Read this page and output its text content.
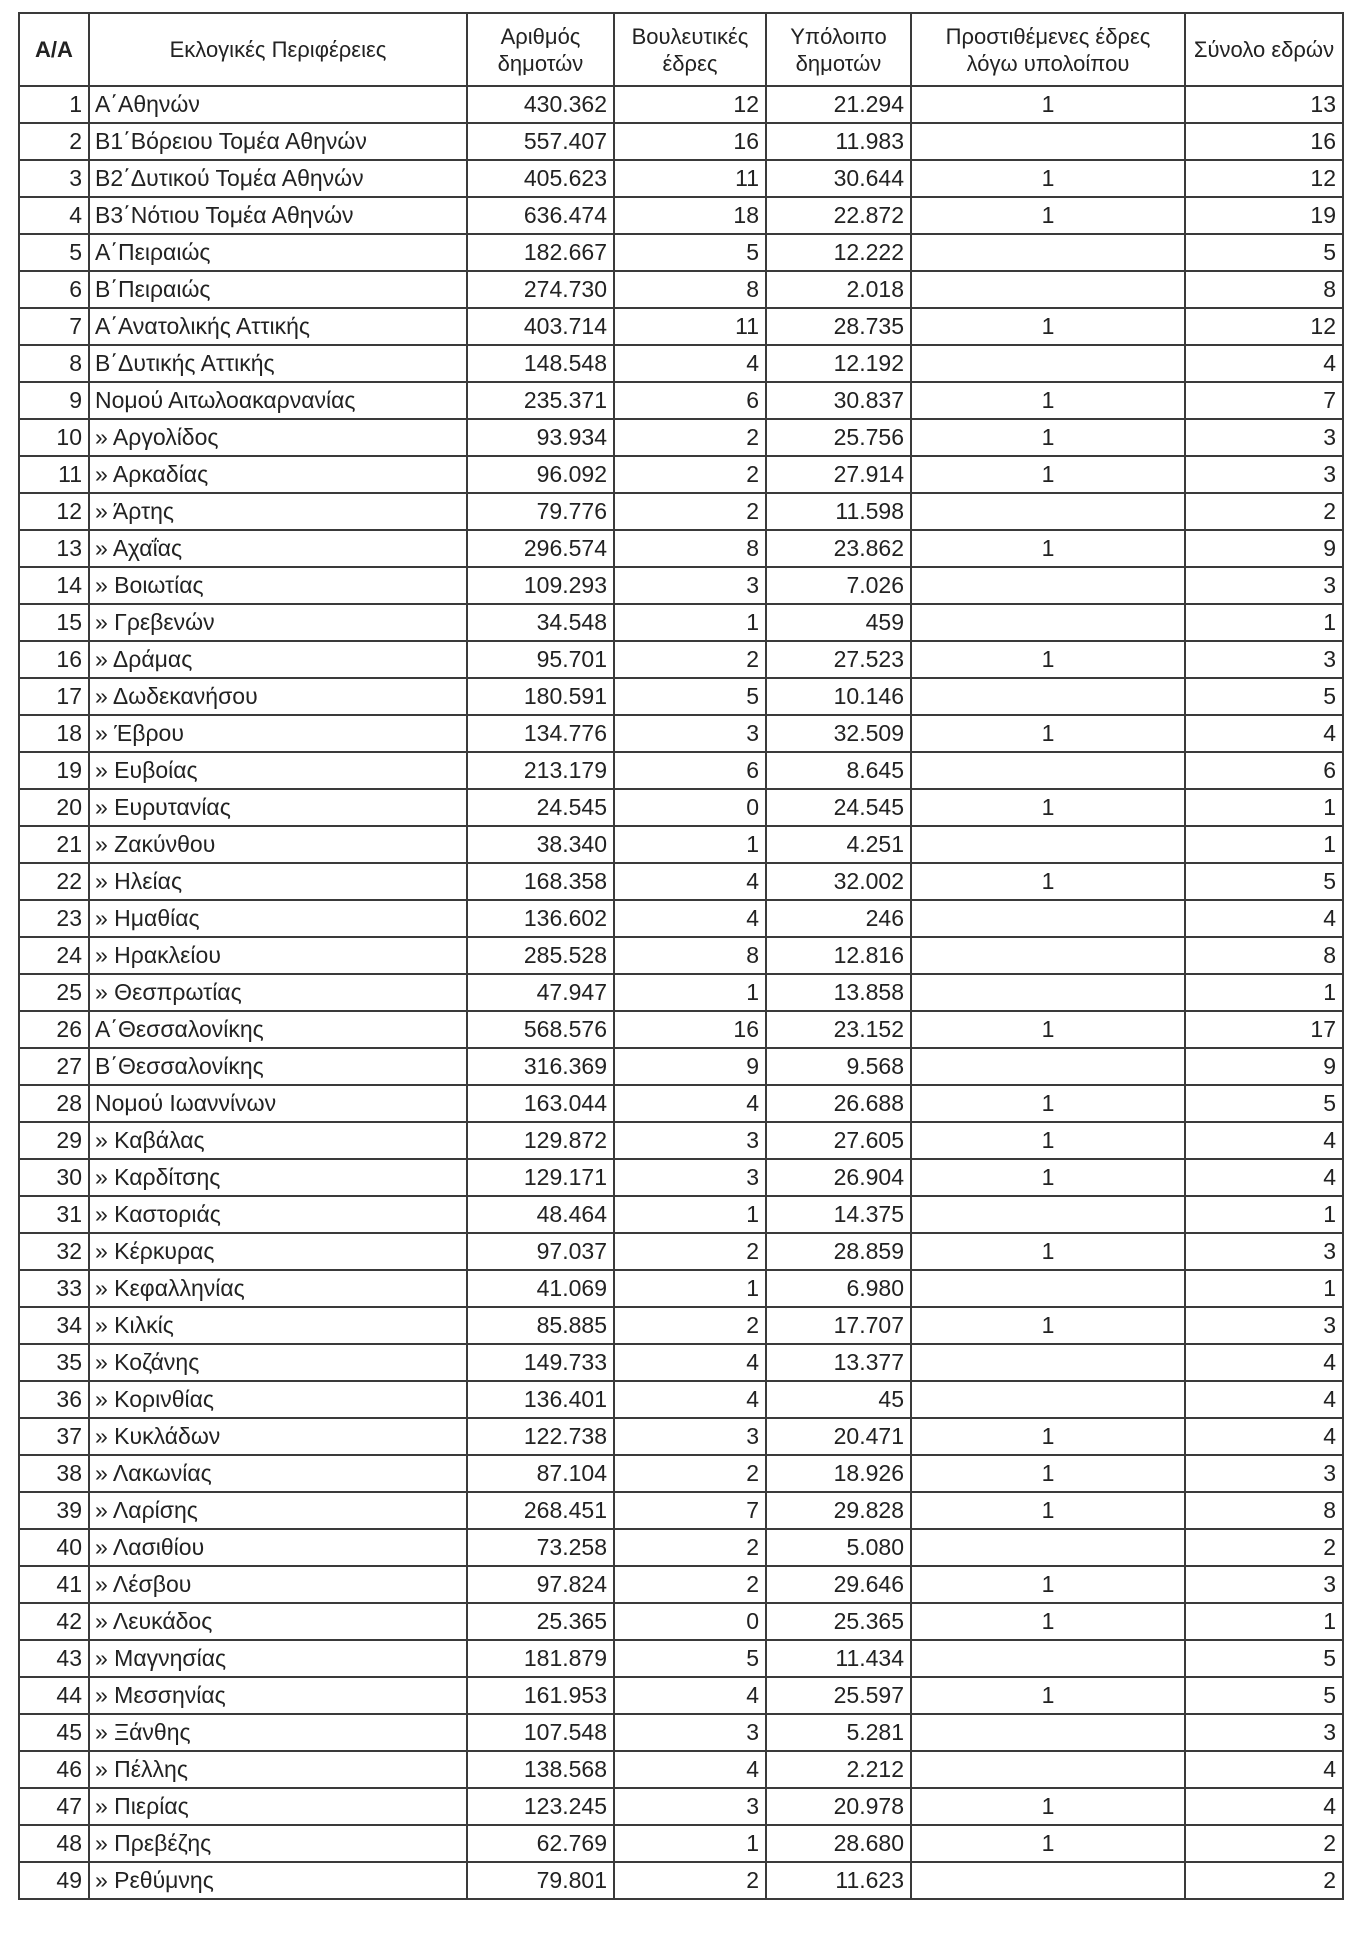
Α/Α	Εκλογικές Περιφέρειες	Αριθμός δημοτών	Βουλευτικές έδρες	Υπόλοιπο δημοτών	Προστιθέμενες έδρες λόγω υπολοίπου	Σύνολο εδρών
1	Α΄Αθηνών	430.362	12	21.294	1	13
2	Β1΄Βόρειου Τομέα Αθηνών	557.407	16	11.983		16
3	Β2΄Δυτικού Τομέα Αθηνών	405.623	11	30.644	1	12
4	Β3΄Νότιου Τομέα Αθηνών	636.474	18	22.872	1	19
5	Α΄Πειραιώς	182.667	5	12.222		5
6	Β΄Πειραιώς	274.730	8	2.018		8
7	Α΄Ανατολικής Αττικής	403.714	11	28.735	1	12
8	Β΄Δυτικής Αττικής	148.548	4	12.192		4
9	Νομού Αιτωλοακαρνανίας	235.371	6	30.837	1	7
10	» Αργολίδος	93.934	2	25.756	1	3
11	» Αρκαδίας	96.092	2	27.914	1	3
12	» Άρτης	79.776	2	11.598		2
13	» Αχαΐας	296.574	8	23.862	1	9
14	» Βοιωτίας	109.293	3	7.026		3
15	» Γρεβενών	34.548	1	459		1
16	» Δράμας	95.701	2	27.523	1	3
17	» Δωδεκανήσου	180.591	5	10.146		5
18	» Έβρου	134.776	3	32.509	1	4
19	» Ευβοίας	213.179	6	8.645		6
20	» Ευρυτανίας	24.545	0	24.545	1	1
21	» Ζακύνθου	38.340	1	4.251		1
22	» Ηλείας	168.358	4	32.002	1	5
23	» Ημαθίας	136.602	4	246		4
24	» Ηρακλείου	285.528	8	12.816		8
25	» Θεσπρωτίας	47.947	1	13.858		1
26	Α΄Θεσσαλονίκης	568.576	16	23.152	1	17
27	Β΄Θεσσαλονίκης	316.369	9	9.568		9
28	Νομού Ιωαννίνων	163.044	4	26.688	1	5
29	» Καβάλας	129.872	3	27.605	1	4
30	» Καρδίτσης	129.171	3	26.904	1	4
31	» Καστοριάς	48.464	1	14.375		1
32	» Κέρκυρας	97.037	2	28.859	1	3
33	» Κεφαλληνίας	41.069	1	6.980		1
34	» Κιλκίς	85.885	2	17.707	1	3
35	» Κοζάνης	149.733	4	13.377		4
36	» Κορινθίας	136.401	4	45		4
37	» Κυκλάδων	122.738	3	20.471	1	4
38	» Λακωνίας	87.104	2	18.926	1	3
39	» Λαρίσης	268.451	7	29.828	1	8
40	» Λασιθίου	73.258	2	5.080		2
41	» Λέσβου	97.824	2	29.646	1	3
42	» Λευκάδος	25.365	0	25.365	1	1
43	» Μαγνησίας	181.879	5	11.434		5
44	» Μεσσηνίας	161.953	4	25.597	1	5
45	» Ξάνθης	107.548	3	5.281		3
46	» Πέλλης	138.568	4	2.212		4
47	» Πιερίας	123.245	3	20.978	1	4
48	» Πρεβέζης	62.769	1	28.680	1	2
49	» Ρεθύμνης	79.801	2	11.623		2
